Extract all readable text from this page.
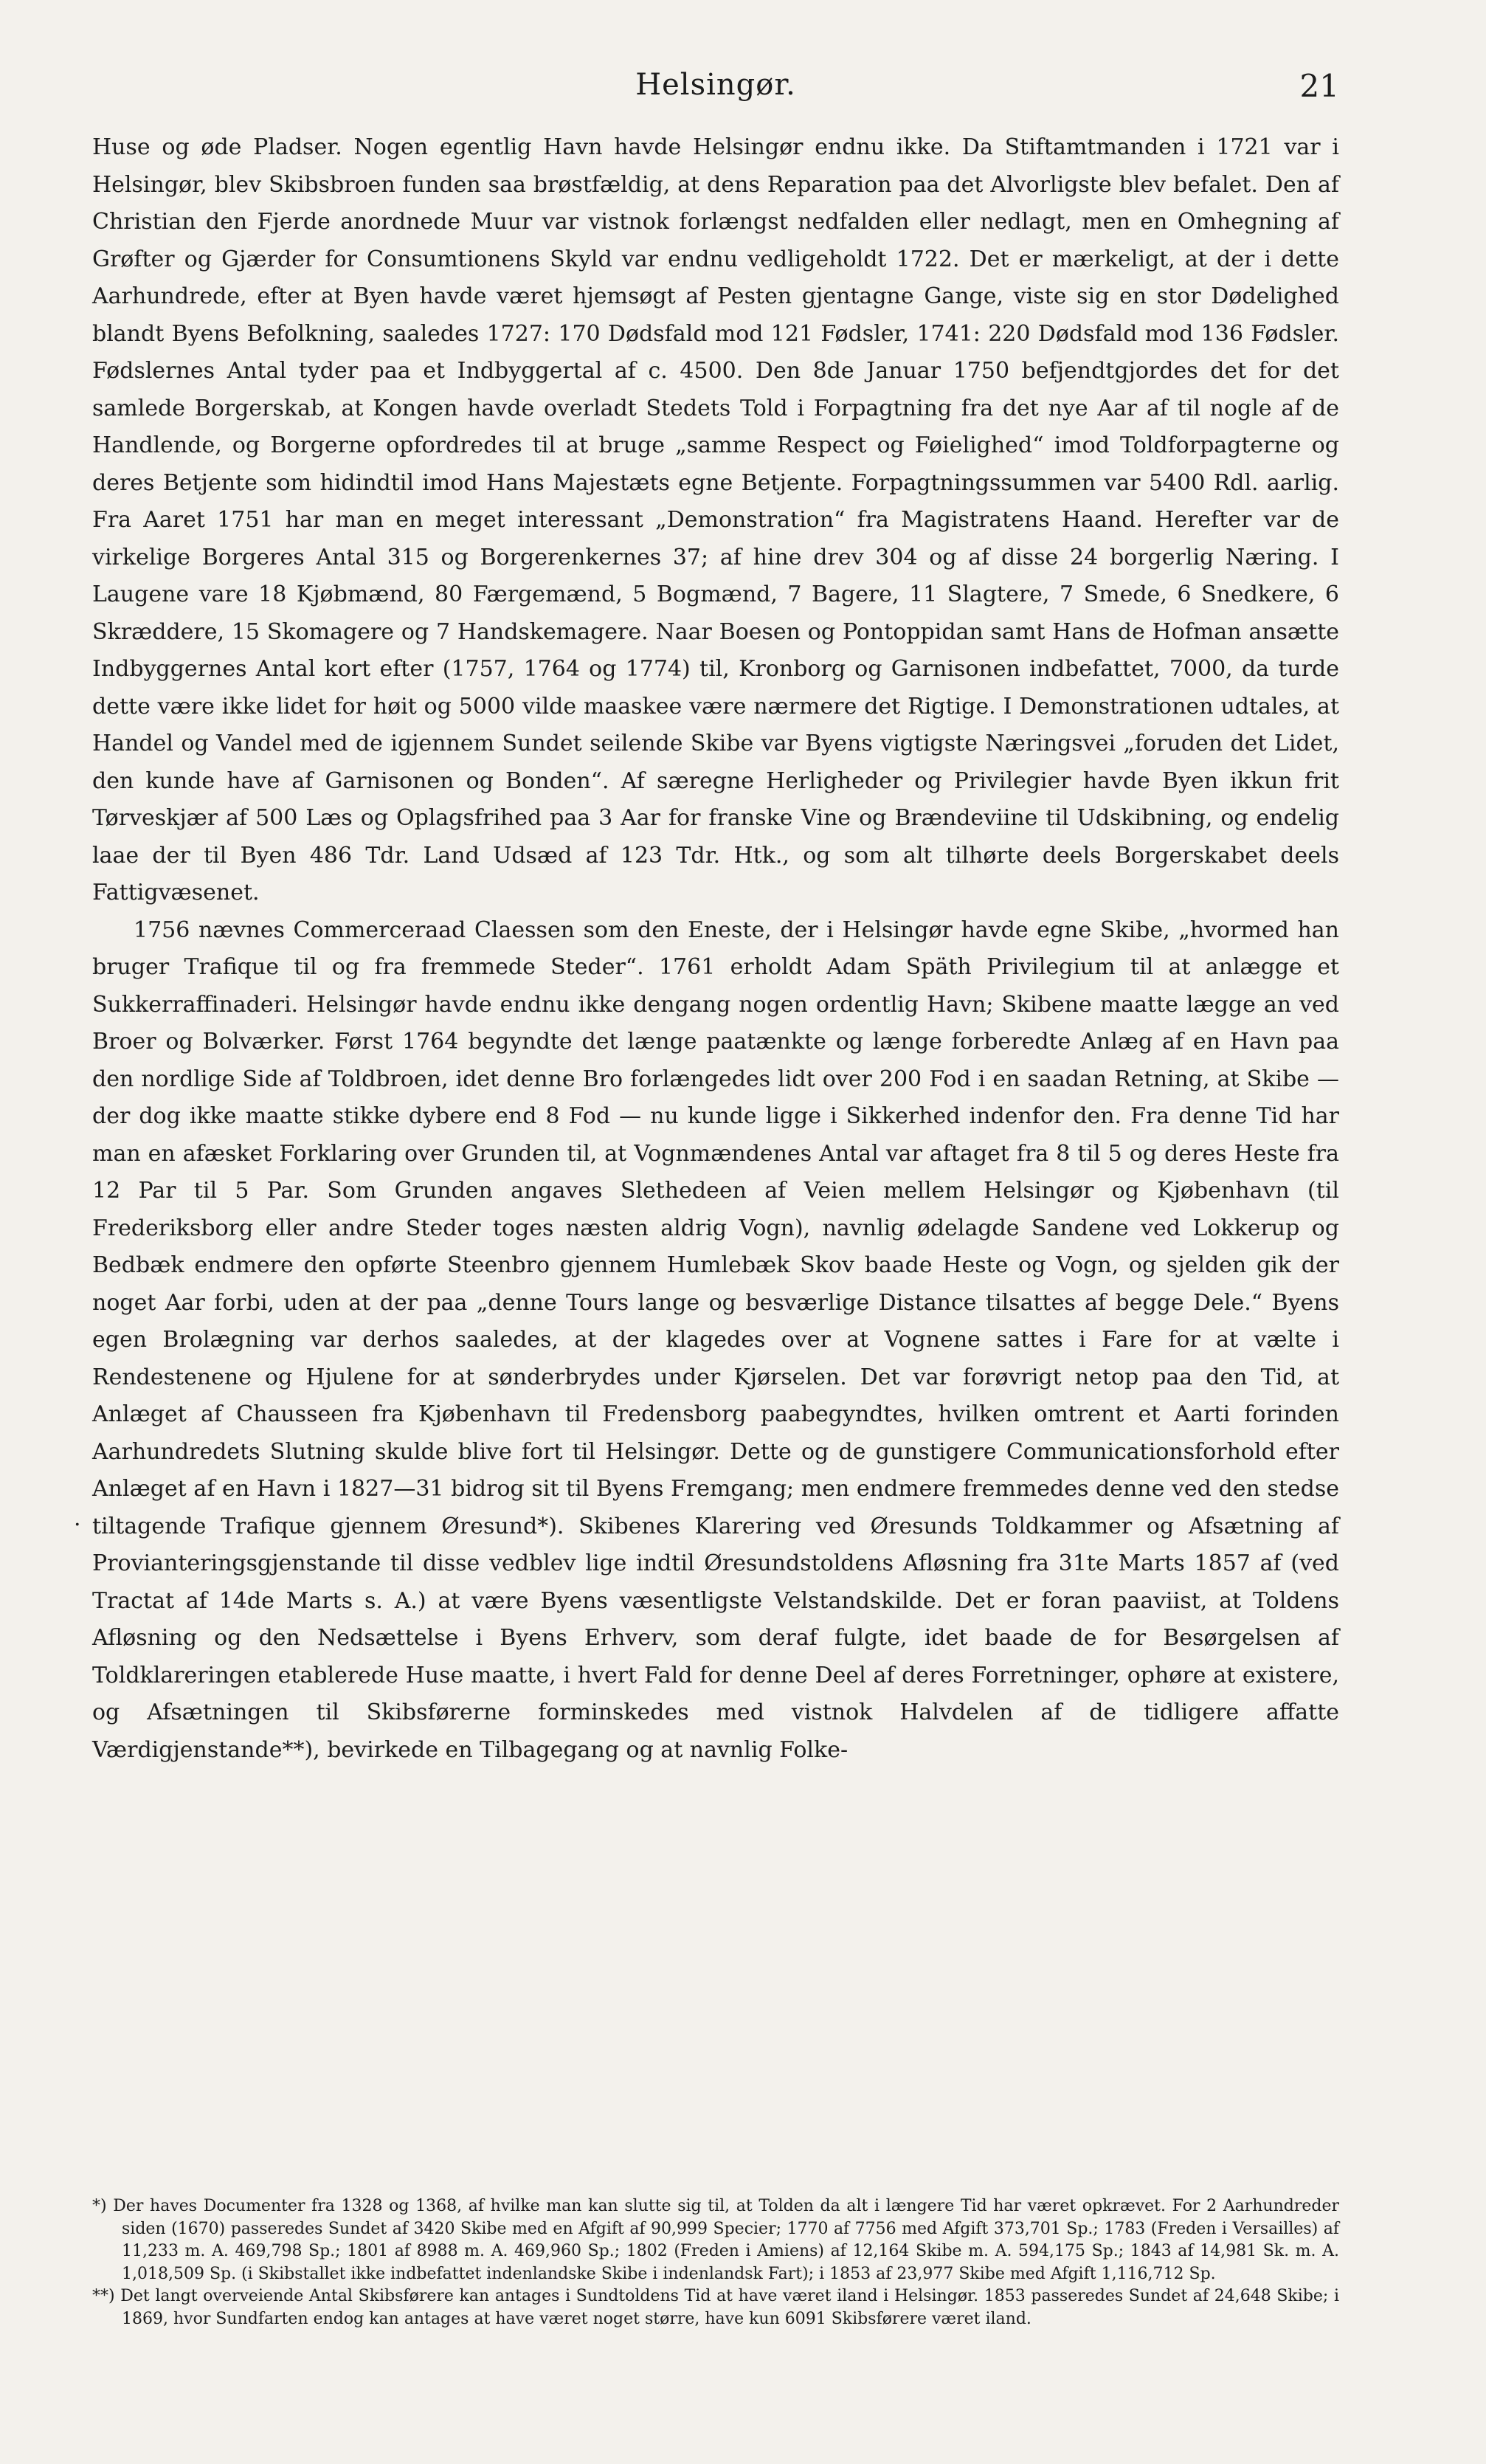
Helsingør.	21

Huse og øde Pladser. Nogen egentlig Havn havde Helsingør endnu ikke. Da Stiftamtmanden i 1721 var i Helsingør, blev Skibsbroen funden saa brøstfældig, at dens Reparation paa det Alvorligste blev befalet. Den af Christian den Fjerde anordnede Muur var vistnok forlængst nedfalden eller nedlagt, men en Omhegning af Grøfter og Gjærder for Consumtionens Skyld var endnu vedligeholdt 1722. Det er mærkeligt, at der i dette Aarhundrede, efter at Byen havde været hjemsøgt af Pesten gjentagne Gange, viste sig en stor Dødelighed blandt Byens Befolkning, saaledes 1727: 170 Dødsfald mod 121 Fødsler, 1741: 220 Dødsfald mod 136 Fødsler. Fødslernes Antal tyder paa et Indbyggertal af c. 4500. Den 8de Januar 1750 befjendtgjordes det for det samlede Borgerskab, at Kongen havde overladt Stedets Told i Forpagtning fra det nye Aar af til nogle af de Handlende, og Borgerne opfordredes til at bruge „samme Respect og Føielighed“ imod Toldforpagterne og deres Betjente som hidindtil imod Hans Majestæts egne Betjente. Forpagtningssummen var 5400 Rdl. aarlig. Fra Aaret 1751 har man en meget interessant „Demonstration“ fra Magistratens Haand. Herefter var de virkelige Borgeres Antal 315 og Borgerenkernes 37; af hine drev 304 og af disse 24 borgerlig Næring. I Laugene vare 18 Kjøbmænd, 80 Færgemænd, 5 Bogmænd, 7 Bagere, 11 Slagtere, 7 Smede, 6 Snedkere, 6 Skræddere, 15 Skomagere og 7 Handskemagere. Naar Boesen og Pontoppidan samt Hans de Hofman ansætte Indbyggernes Antal kort efter (1757, 1764 og 1774) til, Kronborg og Garnisonen indbefattet, 7000, da turde dette være ikke lidet for høit og 5000 vilde maaskee være nærmere det Rigtige. I Demonstrationen udtales, at Handel og Vandel med de igjennem Sundet seilende Skibe var Byens vigtigste Næringsvei „foruden det Lidet, den kunde have af Garnisonen og Bonden“. Af særegne Herligheder og Privilegier havde Byen ikkun frit Tørveskjær af 500 Læs og Oplagsfrihed paa 3 Aar for franske Vine og Brændeviine til Udskibning, og endelig laae der til Byen 486 Tdr. Land Udsæd af 123 Tdr. Htk., og som alt tilhørte deels Borgerskabet deels Fattigvæsenet.

1756 nævnes Commerceraad Claessen som den Eneste, der i Helsingør havde egne Skibe, „hvormed han bruger Trafique til og fra fremmede Steder“. 1761 erholdt Adam Späth Privilegium til at anlægge et Sukkerraffinaderi. Helsingør havde endnu ikke dengang nogen ordentlig Havn; Skibene maatte lægge an ved Broer og Bolværker. Først 1764 begyndte det længe paatænkte og længe forberedte Anlæg af en Havn paa den nordlige Side af Toldbroen, idet denne Bro forlængedes lidt over 200 Fod i en saadan Retning, at Skibe — der dog ikke maatte stikke dybere end 8 Fod — nu kunde ligge i Sikkerhed indenfor den. Fra denne Tid har man en afæsket Forklaring over Grunden til, at Vognmændenes Antal var aftaget fra 8 til 5 og deres Heste fra 12 Par til 5 Par. Som Grunden angaves Slethedeen af Veien mellem Helsingør og Kjøbenhavn (til Frederiksborg eller andre Steder toges næsten aldrig Vogn), navnlig ødelagde Sandene ved Lokkerup og Bedbæk endmere den opførte Steenbro gjennem Humlebæk Skov baade Heste og Vogn, og sjelden gik der noget Aar forbi, uden at der paa „denne Tours lange og besværlige Distance tilsattes af begge Dele.“ Byens egen Brolægning var derhos saaledes, at der klagedes over at Vognene sattes i Fare for at vælte i Rendestenene og Hjulene for at sønderbrydes under Kjørselen. Det var forøvrigt netop paa den Tid, at Anlæget af Chausseen fra Kjøbenhavn til Fredensborg paabegyndtes, hvilken omtrent et Aarti forinden Aarhundredets Slutning skulde blive fort til Helsingør. Dette og de gunstigere Communicationsforhold efter Anlæget af en Havn i 1827—31 bidrog sit til Byens Fremgang; men endmere fremmedes denne ved den stedse tiltagende Trafique gjennem Øresund*). Skibenes Klarering ved Øresunds Toldkammer og Afsætning af Provianteringsgjenstande til disse vedblev lige indtil Øresundstoldens Afløsning fra 31te Marts 1857 af (ved Tractat af 14de Marts s. A.) at være Byens væsentligste Velstandskilde. Det er foran paaviist, at Toldens Afløsning og den Nedsættelse i Byens Erhverv, som deraf fulgte, idet baade de for Besørgelsen af Toldklareringen etablerede Huse maatte, i hvert Fald for denne Deel af deres Forretninger, ophøre at existere, og Afsætningen til Skibsførerne forminskedes med vistnok Halvdelen af de tidligere affatte Værdigjenstande**), bevirkede en Tilbagegang og at navnlig Folke-

.

*) Der haves Documenter fra 1328 og 1368, af hvilke man kan slutte sig til, at Tolden da alt i længere Tid har været opkrævet. For 2 Aarhundreder siden (1670) passeredes Sundet af 3420 Skibe med en Afgift af 90,999 Specier; 1770 af 7756 med Afgift 373,701 Sp.; 1783 (Freden i Versailles) af 11,233 m. A. 469,798 Sp.; 1801 af 8988 m. A. 469,960 Sp.; 1802 (Freden i Amiens) af 12,164 Skibe m. A. 594,175 Sp.; 1843 af 14,981 Sk. m. A. 1,018,509 Sp. (i Skibstallet ikke indbefattet indenlandske Skibe i indenlandsk Fart); i 1853 af 23,977 Skibe med Afgift 1,116,712 Sp.

**) Det langt overveiende Antal Skibsførere kan antages i Sundtoldens Tid at have været iland i Helsingør. 1853 passeredes Sundet af 24,648 Skibe; i 1869, hvor Sundfarten endog kan antages at have været noget større, have kun 6091 Skibsførere været iland.
